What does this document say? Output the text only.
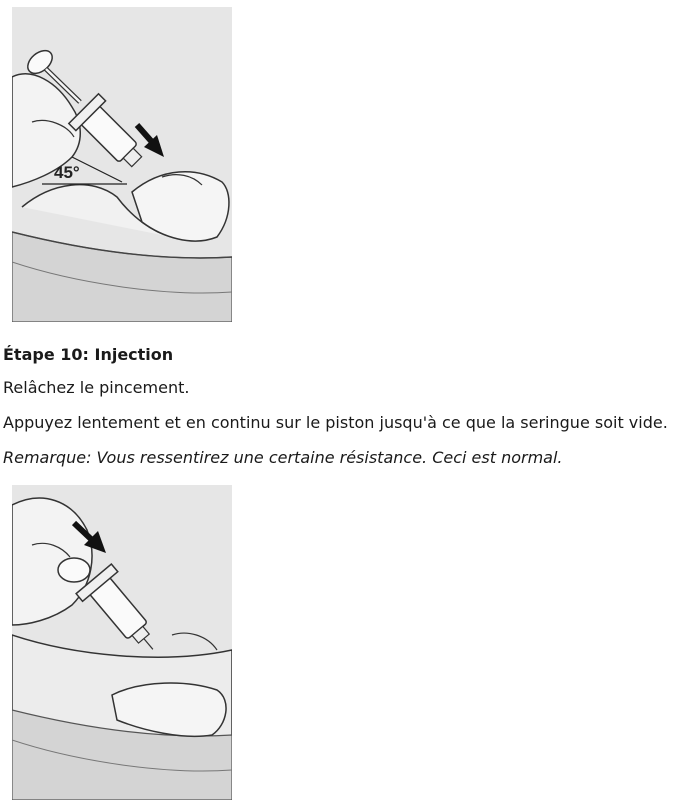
45°
Étape 10: Injection
Relâchez le pincement.
Appuyez lentement et en continu sur le piston jusqu'à ce que la seringue soit vide.
Remarque: Vous ressentirez une certaine résistance. Ceci est normal.
